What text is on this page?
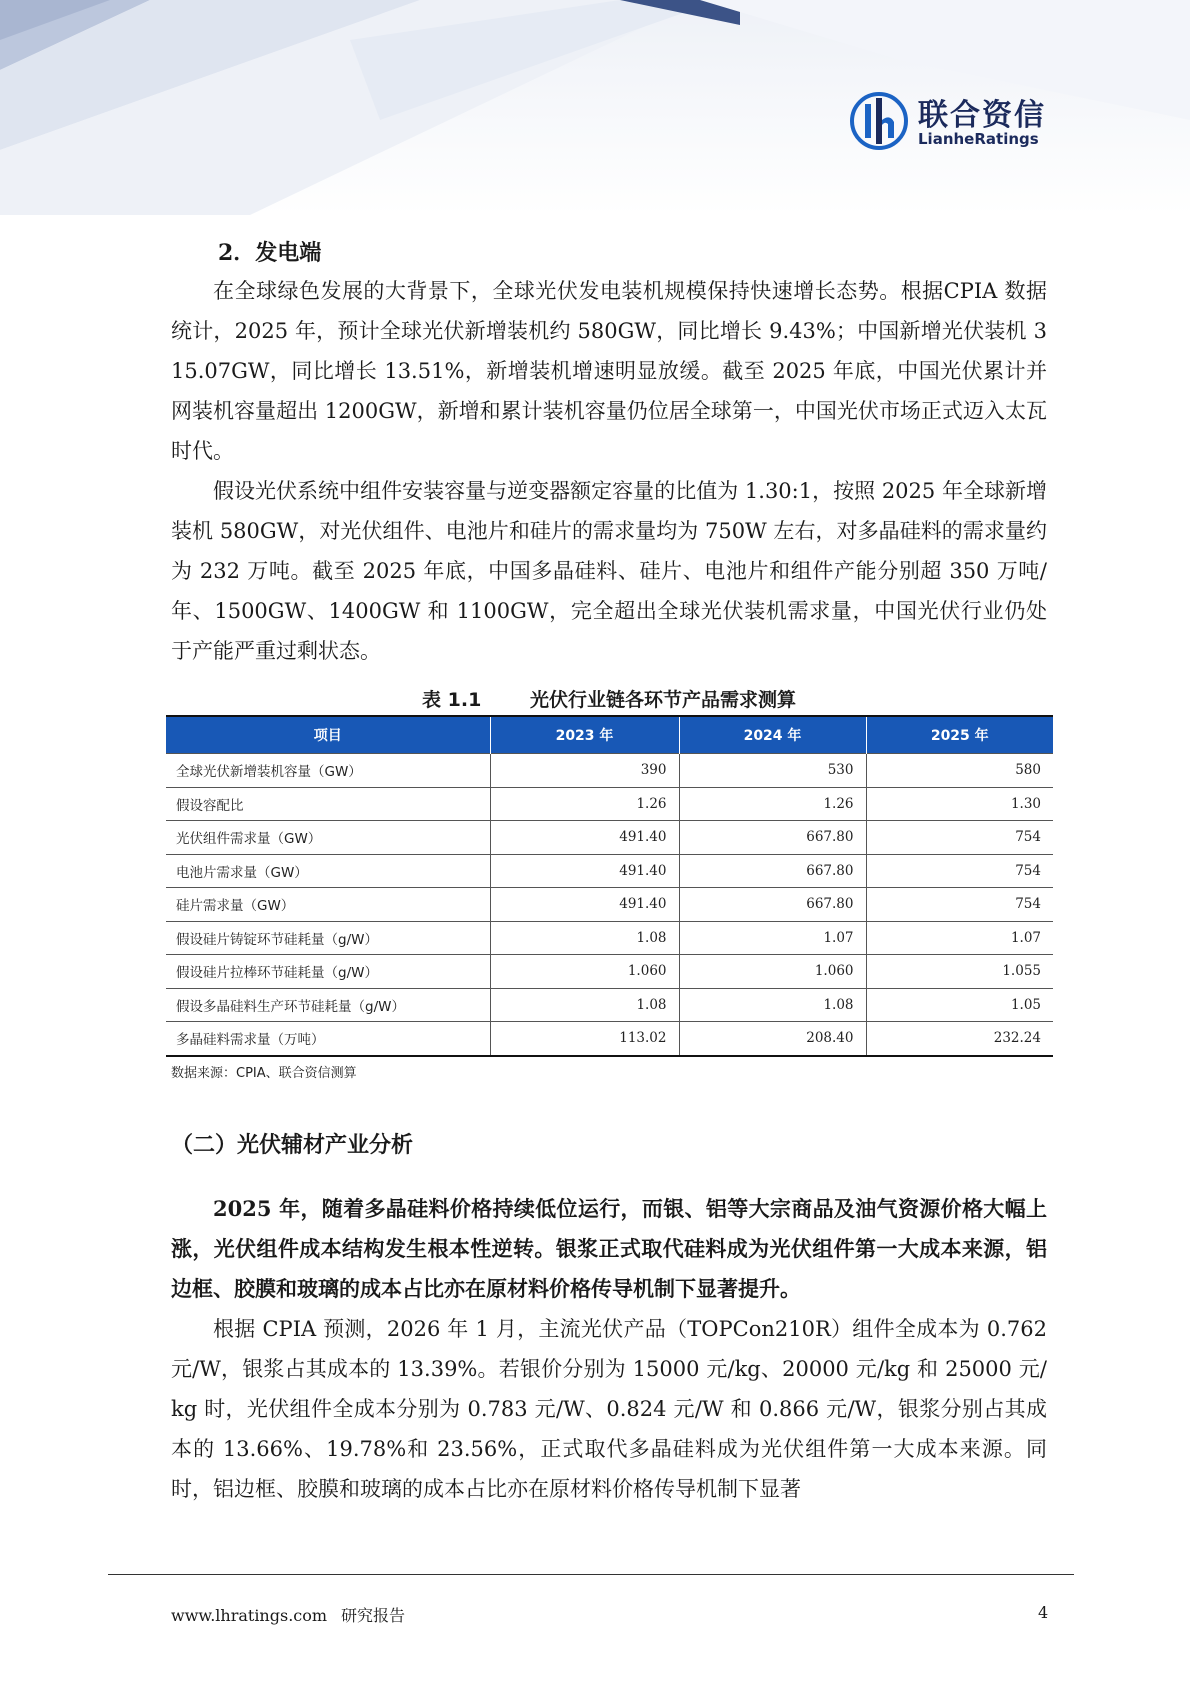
联合资信
LianheRatings
2．发电端

在全球绿色发展的大背景下，全球光伏发电装机规模保持快速增长态势。根据CPIA 数据统计，2025 年，预计全球光伏新增装机约 580GW，同比增长 9.43%；中国新增光伏装机 315.07GW，同比增长 13.51%，新增装机增速明显放缓。截至 2025 年底，中国光伏累计并网装机容量超出 1200GW，新增和累计装机容量仍位居全球第一，中国光伏市场正式迈入太瓦时代。

假设光伏系统中组件安装容量与逆变器额定容量的比值为 1.30:1，按照 2025 年全球新增装机 580GW，对光伏组件、电池片和硅片的需求量均为 750W 左右，对多晶硅料的需求量约为 232 万吨。截至 2025 年底，中国多晶硅料、硅片、电池片和组件产能分别超 350 万吨/年、1500GW、1400GW 和 1100GW，完全超出全球光伏装机需求量，中国光伏行业仍处于产能严重过剩状态。

表 1.1	光伏行业链各环节产品需求测算
项目	2023 年	2024 年	2025 年
全球光伏新增装机容量（GW）	390	530	580
假设容配比	1.26	1.26	1.30
光伏组件需求量（GW）	491.40	667.80	754
电池片需求量（GW）	491.40	667.80	754
硅片需求量（GW）	491.40	667.80	754
假设硅片铸锭环节硅耗量（g/W）	1.08	1.07	1.07
假设硅片拉棒环节硅耗量（g/W）	1.060	1.060	1.055
假设多晶硅料生产环节硅耗量（g/W）	1.08	1.08	1.05
多晶硅料需求量（万吨）	113.02	208.40	232.24
数据来源：CPIA、联合资信测算
（二）光伏辅材产业分析

2025 年，随着多晶硅料价格持续低位运行，而银、铝等大宗商品及油气资源价格大幅上涨，光伏组件成本结构发生根本性逆转。银浆正式取代硅料成为光伏组件第一大成本来源，铝边框、胶膜和玻璃的成本占比亦在原材料价格传导机制下显著提升。

根据 CPIA 预测，2026 年 1 月，主流光伏产品（TOPCon210R）组件全成本为 0.762 元/W，银浆占其成本的 13.39%。若银价分别为 15000 元/kg、20000 元/kg 和 25000 元/kg 时，光伏组件全成本分别为 0.783 元/W、0.824 元/W 和 0.866 元/W，银浆分别占其成本的 13.66%、19.78%和 23.56%，正式取代多晶硅料成为光伏组件第一大成本来源。同时，铝边框、胶膜和玻璃的成本占比亦在原材料价格传导机制下显著

www.lhratings.com 研究报告	4
